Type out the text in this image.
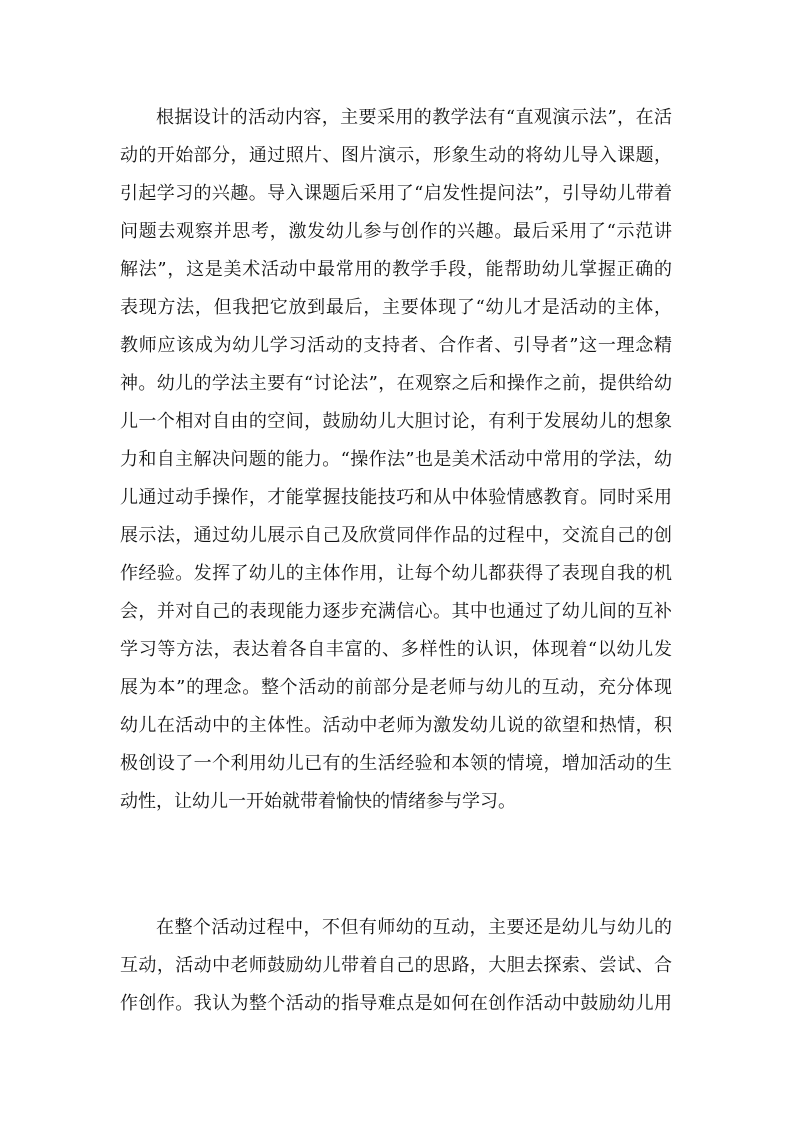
根据设计的活动内容，主要采用的教学法有“直观演示法”，在活
动的开始部分，通过照片、图片演示，形象生动的将幼儿导入课题，
引起学习的兴趣。导入课题后采用了“启发性提问法”，引导幼儿带着
问题去观察并思考，激发幼儿参与创作的兴趣。最后采用了“示范讲
解法”，这是美术活动中最常用的教学手段，能帮助幼儿掌握正确的
表现方法，但我把它放到最后，主要体现了“幼儿才是活动的主体，
教师应该成为幼儿学习活动的支持者、合作者、引导者”这一理念精
神。幼儿的学法主要有“讨论法”，在观察之后和操作之前，提供给幼
儿一个相对自由的空间，鼓励幼儿大胆讨论，有利于发展幼儿的想象
力和自主解决问题的能力。“操作法”也是美术活动中常用的学法，幼
儿通过动手操作，才能掌握技能技巧和从中体验情感教育。同时采用
展示法，通过幼儿展示自己及欣赏同伴作品的过程中，交流自己的创
作经验。发挥了幼儿的主体作用，让每个幼儿都获得了表现自我的机
会，并对自己的表现能力逐步充满信心。其中也通过了幼儿间的互补
学习等方法，表达着各自丰富的、多样性的认识，体现着“以幼儿发
展为本”的理念。整个活动的前部分是老师与幼儿的互动，充分体现
幼儿在活动中的主体性。活动中老师为激发幼儿说的欲望和热情，积
极创设了一个利用幼儿已有的生活经验和本领的情境，增加活动的生
动性，让幼儿一开始就带着愉快的情绪参与学习。
在整个活动过程中，不但有师幼的互动，主要还是幼儿与幼儿的
互动，活动中老师鼓励幼儿带着自己的思路，大胆去探索、尝试、合
作创作。我认为整个活动的指导难点是如何在创作活动中鼓励幼儿用
